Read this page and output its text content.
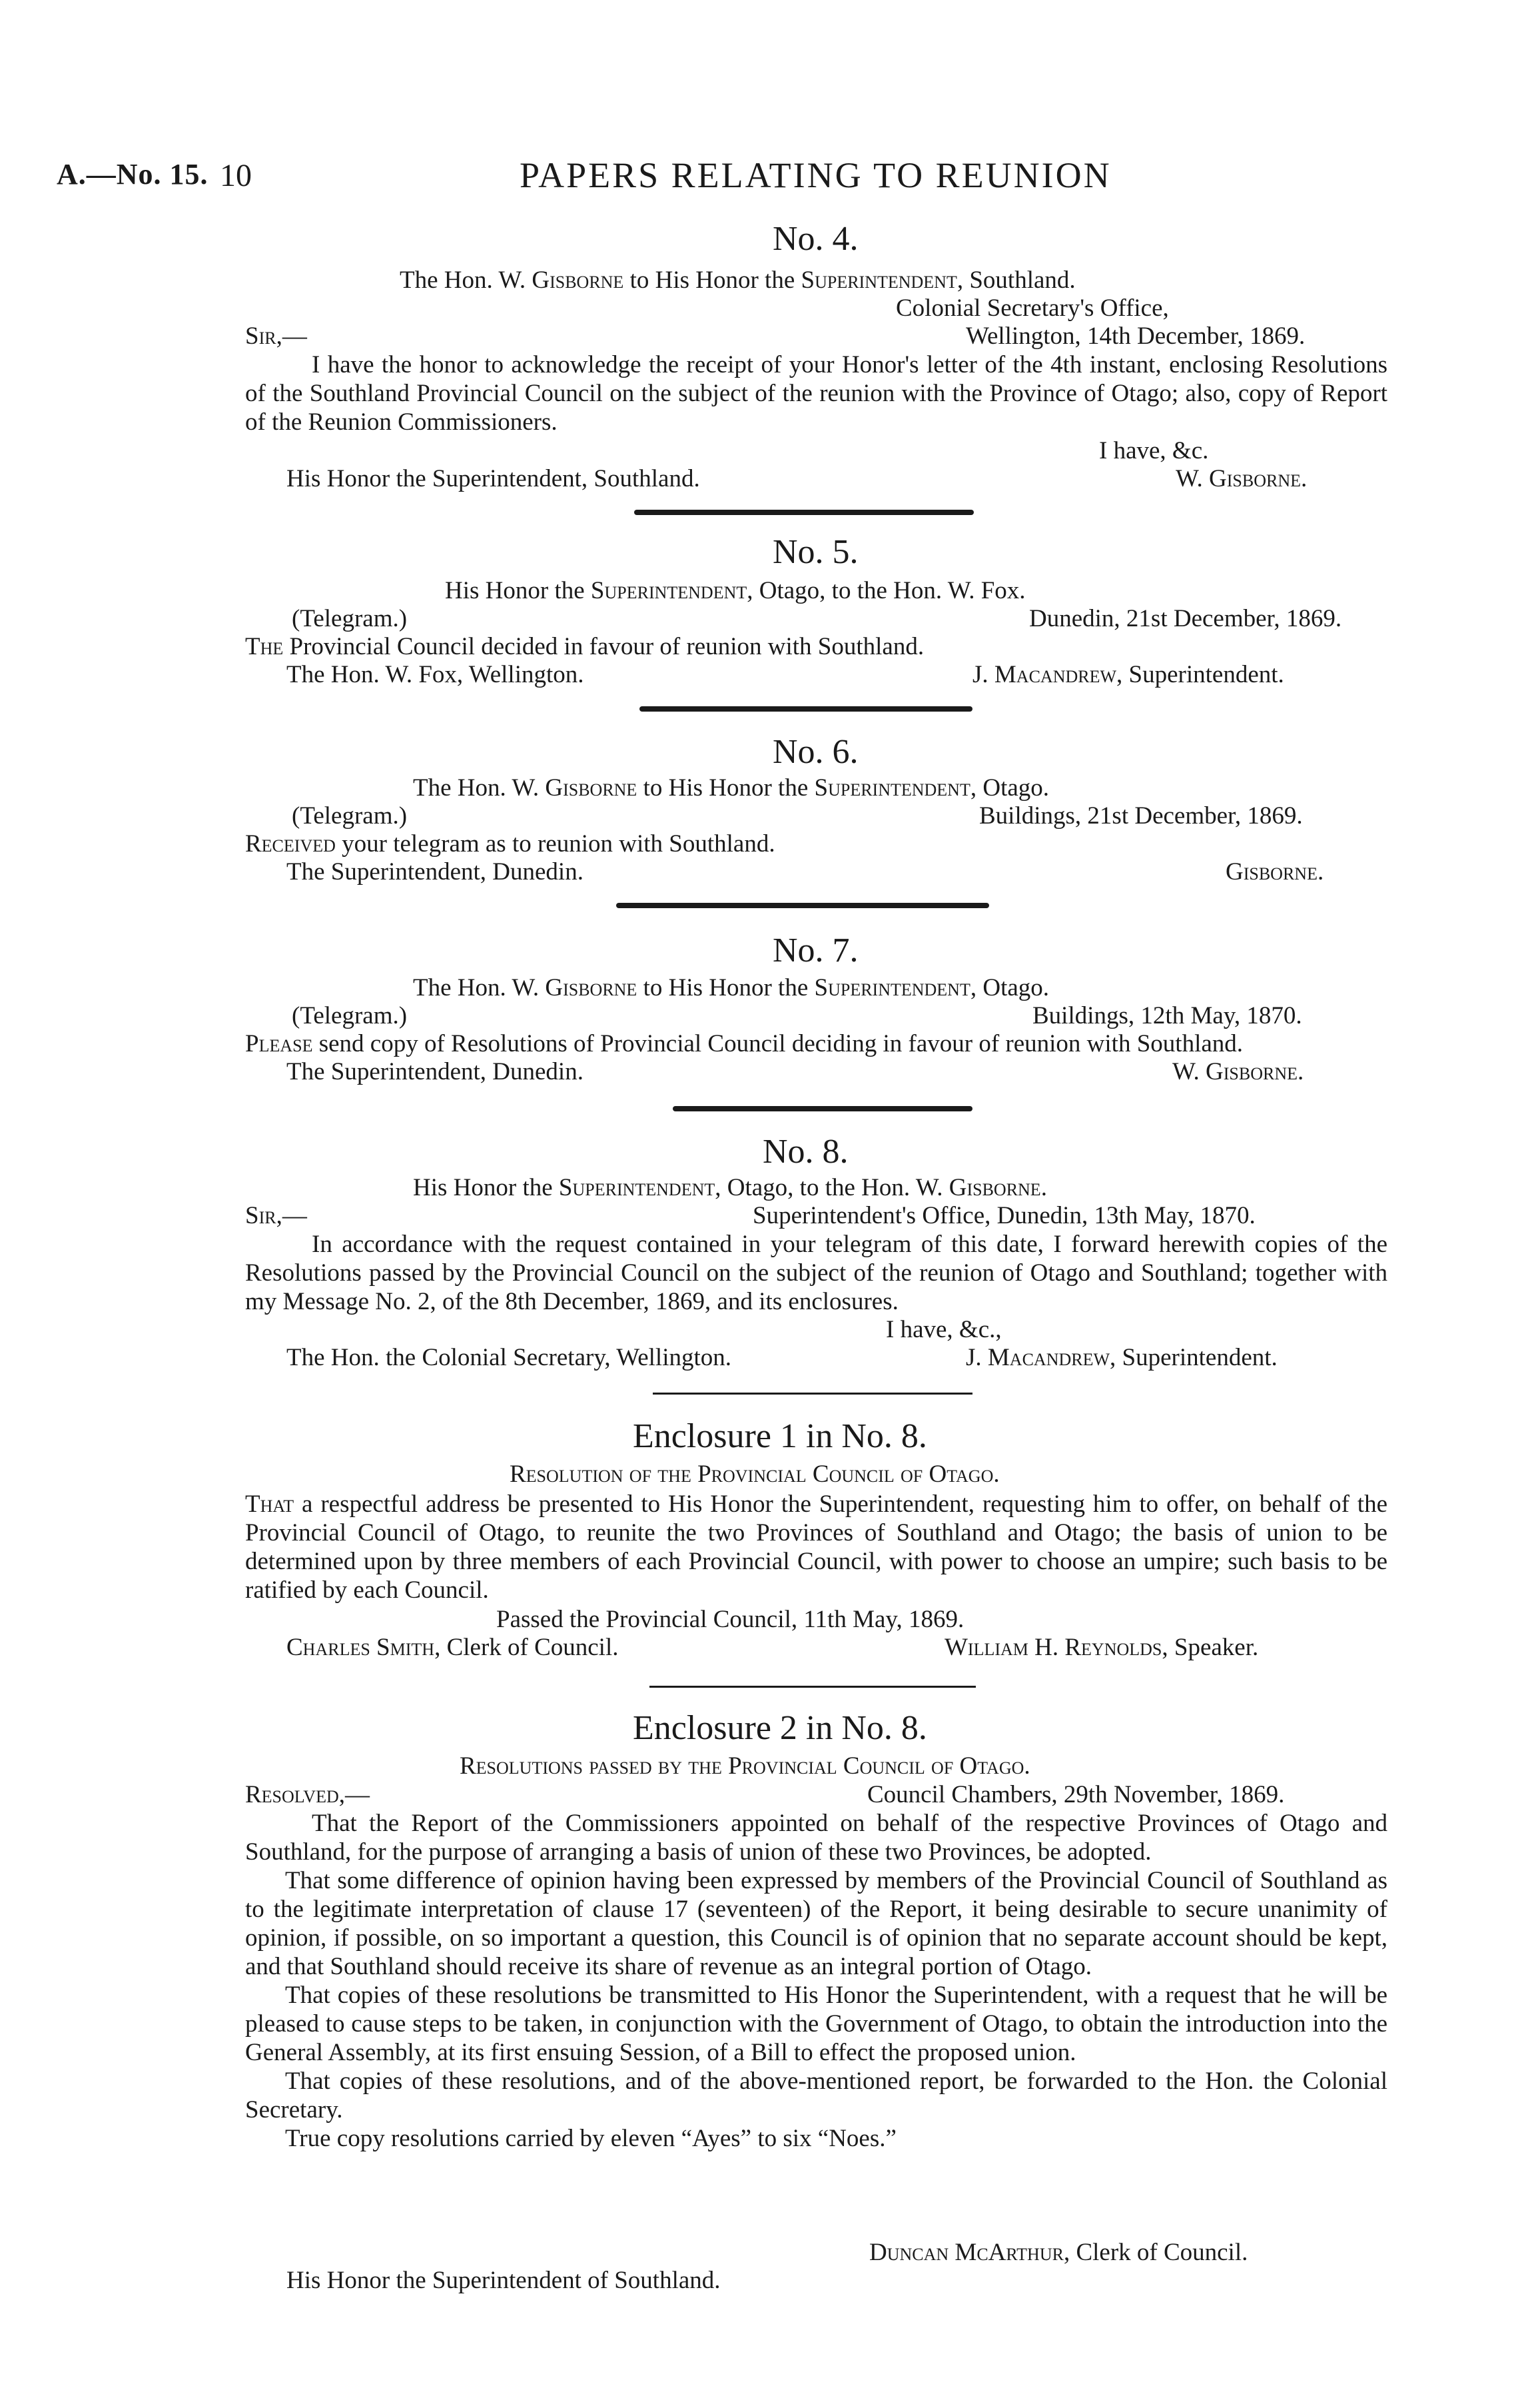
A.—No. 15. 10	PAPERS RELATING TO REUNION
No. 4.
The Hon. W. Gisborne to His Honor the Superintendent, Southland.
Colonial Secretary's Office,
Sir,—	Wellington, 14th December, 1869.

I have the honor to acknowledge the receipt of your Honor's letter of the 4th instant, enclosing Resolutions of the Southland Provincial Council on the subject of the reunion with the Province of Otago; also, copy of Report of the Reunion Commissioners.

I have, &c.
His Honor the Superintendent, Southland.	W. Gisborne.
No. 5.
His Honor the Superintendent, Otago, to the Hon. W. Fox.
(Telegram.)	Dunedin, 21st December, 1869.
The Provincial Council decided in favour of reunion with Southland.
The Hon. W. Fox, Wellington.	J. Macandrew, Superintendent.
No. 6.
The Hon. W. Gisborne to His Honor the Superintendent, Otago.
(Telegram.)	Buildings, 21st December, 1869.
Received your telegram as to reunion with Southland.
The Superintendent, Dunedin.	Gisborne.
No. 7.
The Hon. W. Gisborne to His Honor the Superintendent, Otago.
(Telegram.)	Buildings, 12th May, 1870.
Please send copy of Resolutions of Provincial Council deciding in favour of reunion with Southland.
The Superintendent, Dunedin.	W. Gisborne.
No. 8.
His Honor the Superintendent, Otago, to the Hon. W. Gisborne.
Sir,—	Superintendent's Office, Dunedin, 13th May, 1870.

In accordance with the request contained in your telegram of this date, I forward herewith copies of the Resolutions passed by the Provincial Council on the subject of the reunion of Otago and Southland; together with my Message No. 2, of the 8th December, 1869, and its enclosures.

I have, &c.,
The Hon. the Colonial Secretary, Wellington.	J. Macandrew, Superintendent.
Enclosure 1 in No. 8.
Resolution of the Provincial Council of Otago.

That a respectful address be presented to His Honor the Superintendent, requesting him to offer, on behalf of the Provincial Council of Otago, to reunite the two Provinces of Southland and Otago; the basis of union to be determined upon by three members of each Provincial Council, with power to choose an umpire; such basis to be ratified by each Council.

Passed the Provincial Council, 11th May, 1869.
Charles Smith, Clerk of Council.	William H. Reynolds, Speaker.
Enclosure 2 in No. 8.
Resolutions passed by the Provincial Council of Otago.
Resolved,—	Council Chambers, 29th November, 1869.

That the Report of the Commissioners appointed on behalf of the respective Provinces of Otago and Southland, for the purpose of arranging a basis of union of these two Provinces, be adopted.

That some difference of opinion having been expressed by members of the Provincial Council of Southland as to the legitimate interpretation of clause 17 (seventeen) of the Report, it being desirable to secure unanimity of opinion, if possible, on so important a question, this Council is of opinion that no separate account should be kept, and that Southland should receive its share of revenue as an integral portion of Otago.

That copies of these resolutions be transmitted to His Honor the Superintendent, with a request that he will be pleased to cause steps to be taken, in conjunction with the Government of Otago, to obtain the introduction into the General Assembly, at its first ensuing Session, of a Bill to effect the proposed union.

That copies of these resolutions, and of the above-mentioned report, be forwarded to the Hon. the Colonial Secretary.

True copy resolutions carried by eleven “Ayes” to six “Noes.”

Duncan McArthur, Clerk of Council.
His Honor the Superintendent of Southland.
